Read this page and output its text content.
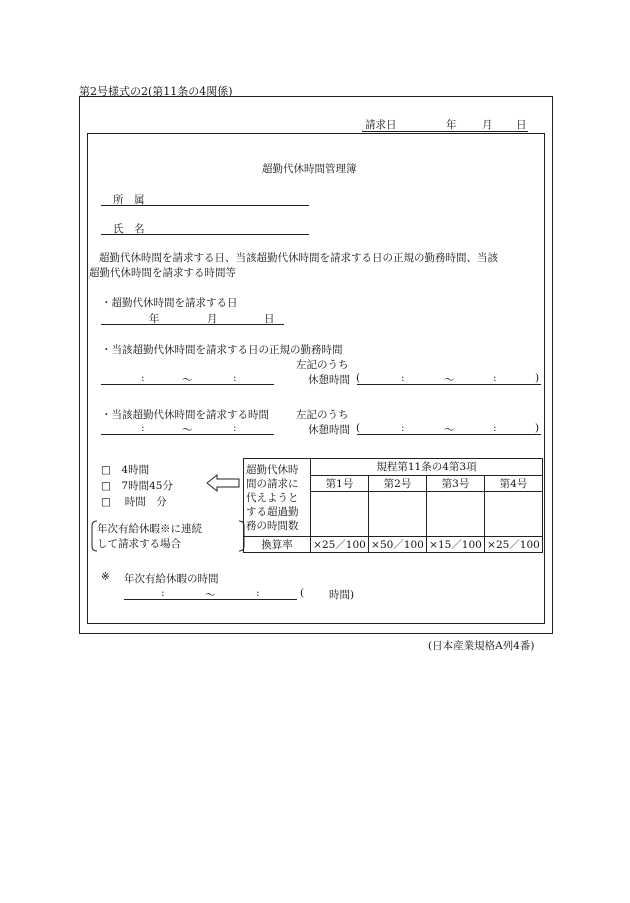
第2号様式の2(第11条の4関係)
請求日	年 月 日
超勤代休時間管理簿
所　属
氏　名
超勤代休時間を請求する日、当該超勤代休時間を請求する日の正規の勤務時間、当該
超勤代休時間を請求する時間等
・超勤代休時間を請求する日
年	月	日
・当該超勤代休時間を請求する日の正規の勤務時間
左記のうち
:	〜	:	休憩時間 (	:	〜	:	)
・当該超勤代休時間を請求する時間	左記のうち
:	〜	:	休憩時間 (	:	〜	:	)
□　4時間
□　7時間45分
□　 時間　分
年次有給休暇※に連続
して請求する場合
超勤代休時
間の請求に
代えようと
する超過勤
務の時間数	規程第11条の4第3項			
	第1号	第2号	第3号	第4号

換算率	×25／100	×50／100	×15／100	×25／100
※ 年次有給休暇の時間
:	〜	:	( 時間)
(日本産業規格A列4番)
